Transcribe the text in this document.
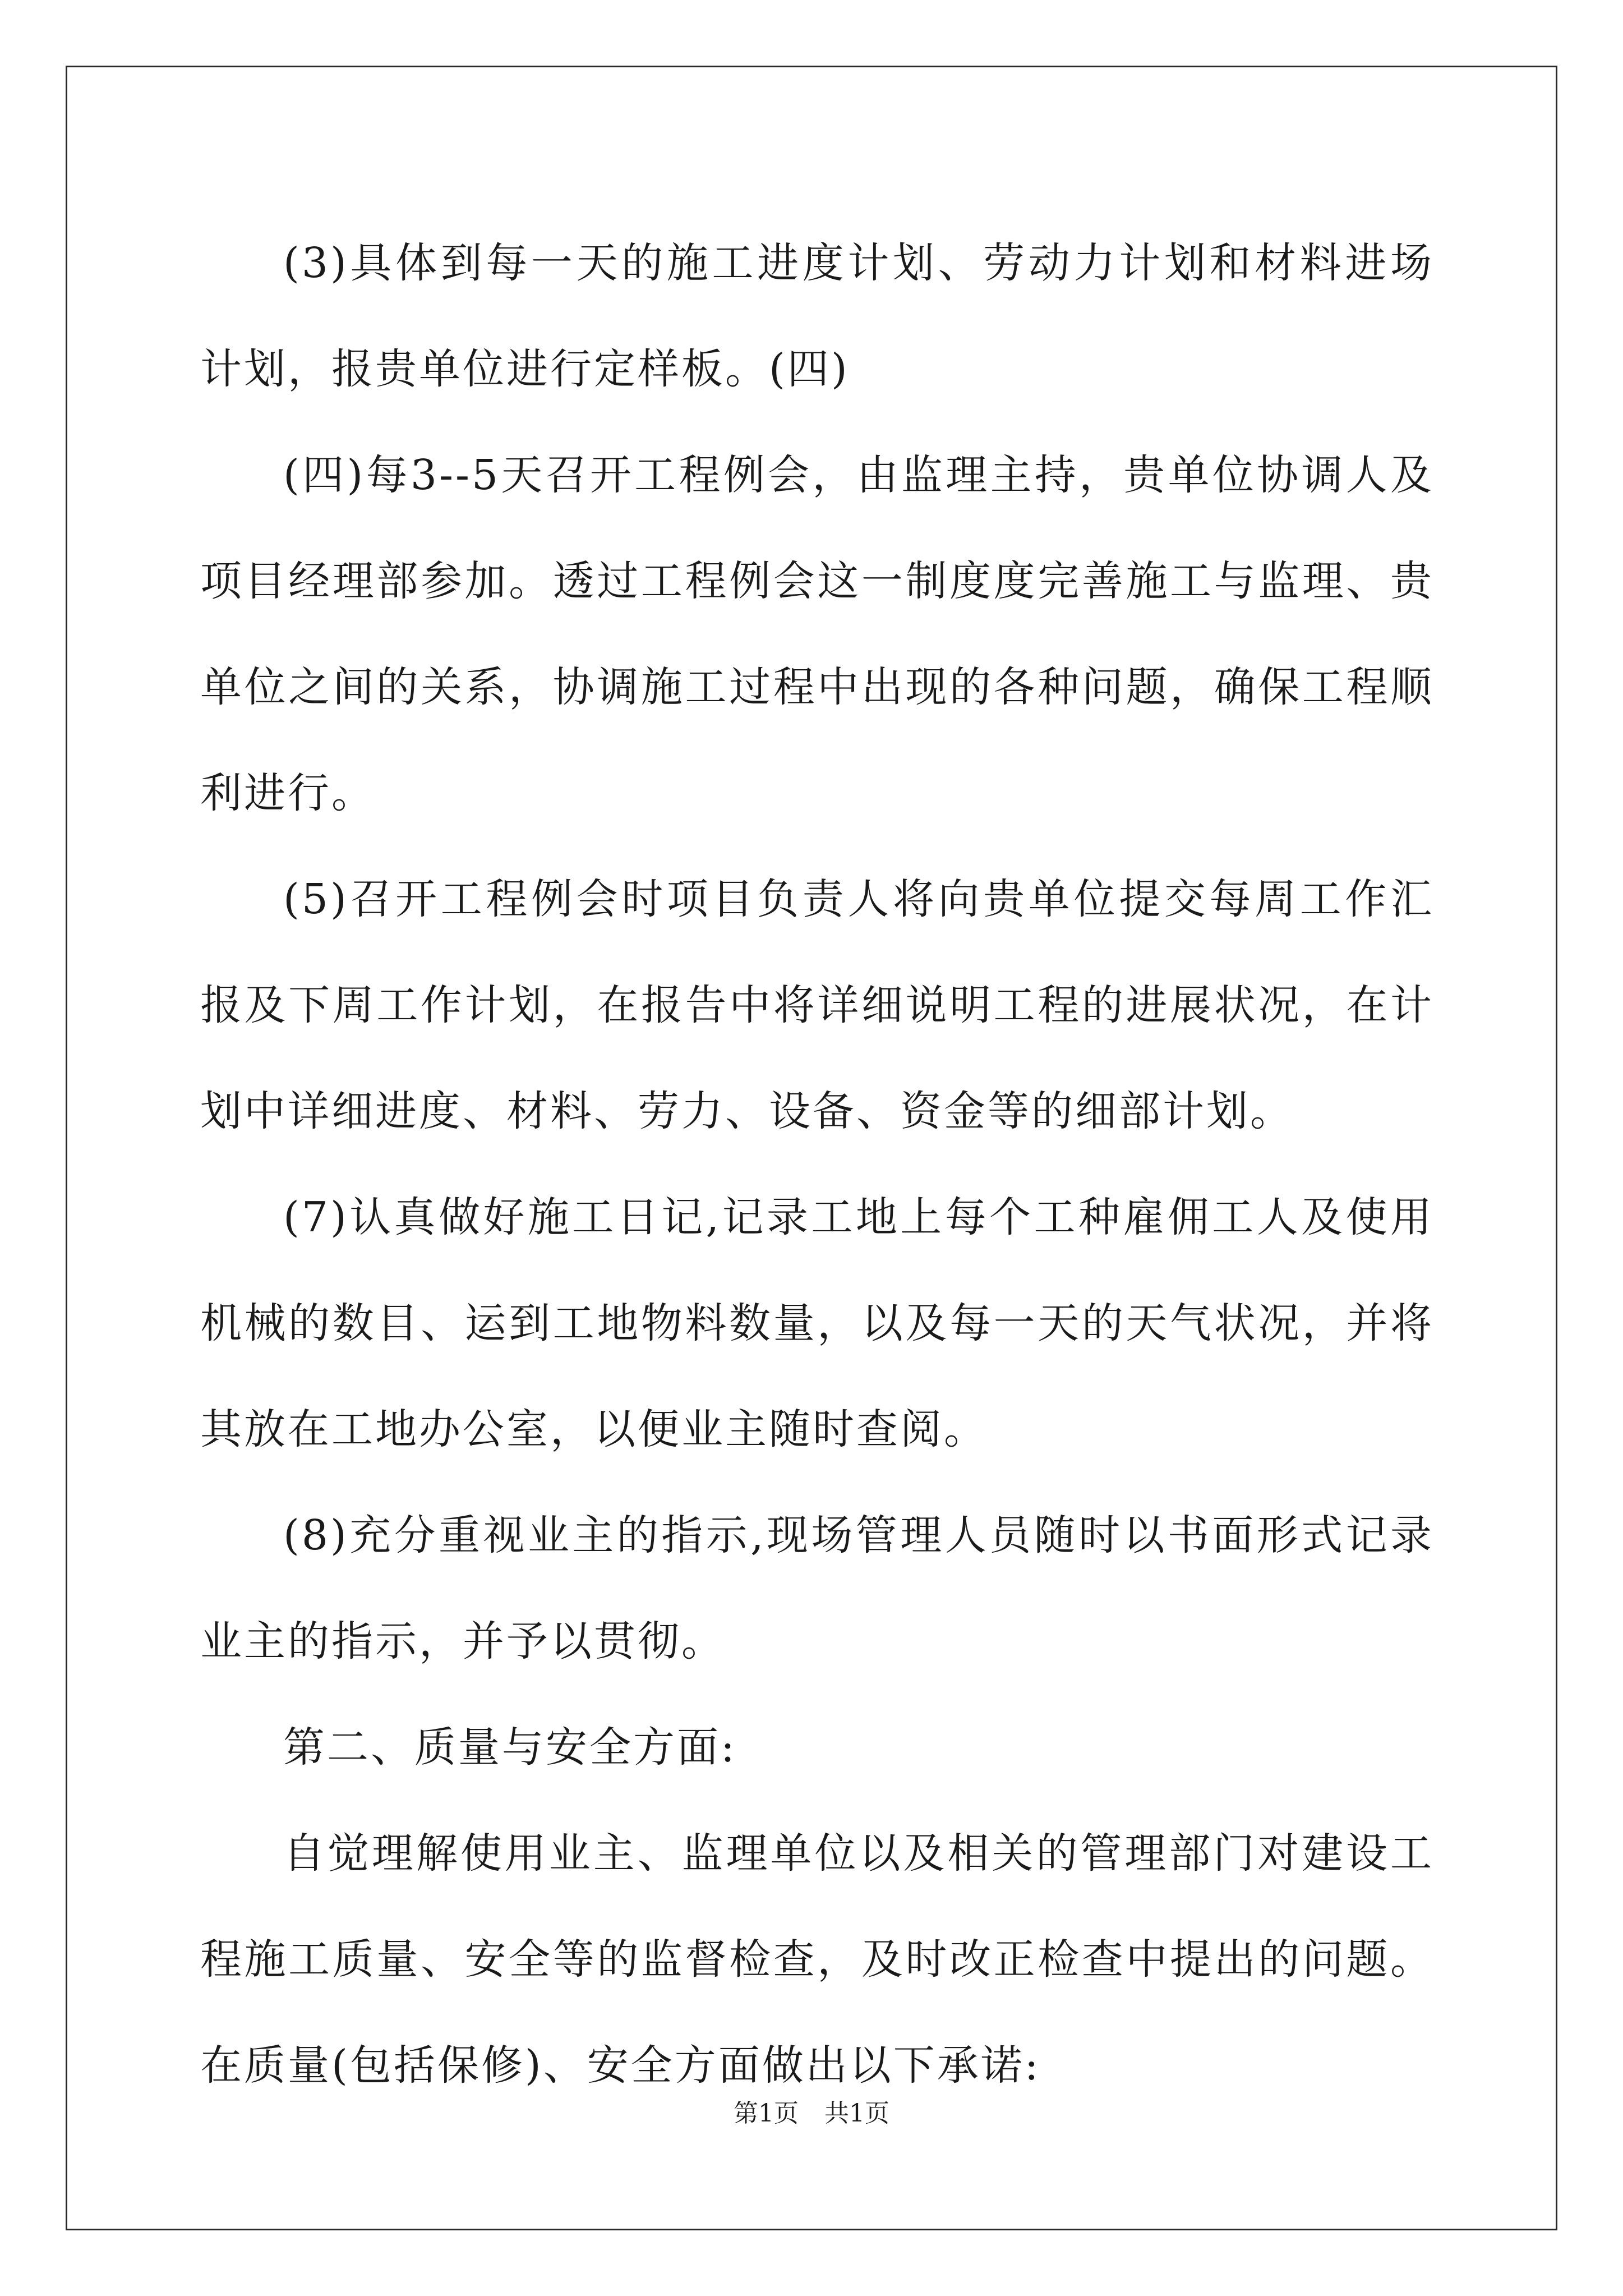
(3)具体到每一天的施工进度计划、劳动力计划和材料进场计划，报贵单位进行定样板。(四)

(四)每3--5天召开工程例会，由监理主持，贵单位协调人及项目经理部参加。透过工程例会这一制度度完善施工与监理、贵单位之间的关系，协调施工过程中出现的各种问题，确保工程顺利进行。

(5)召开工程例会时项目负责人将向贵单位提交每周工作汇报及下周工作计划，在报告中将详细说明工程的进展状况，在计划中详细进度、材料、劳力、设备、资金等的细部计划。

(7)认真做好施工日记,记录工地上每个工种雇佣工人及使用机械的数目、运到工地物料数量，以及每一天的天气状况，并将其放在工地办公室，以便业主随时查阅。

(8)充分重视业主的指示,现场管理人员随时以书面形式记录业主的指示，并予以贯彻。

第二、质量与安全方面:

自觉理解使用业主、监理单位以及相关的管理部门对建设工程施工质量、安全等的监督检查，及时改正检查中提出的问题。在质量(包括保修)、安全方面做出以下承诺:

第1页 共1页
